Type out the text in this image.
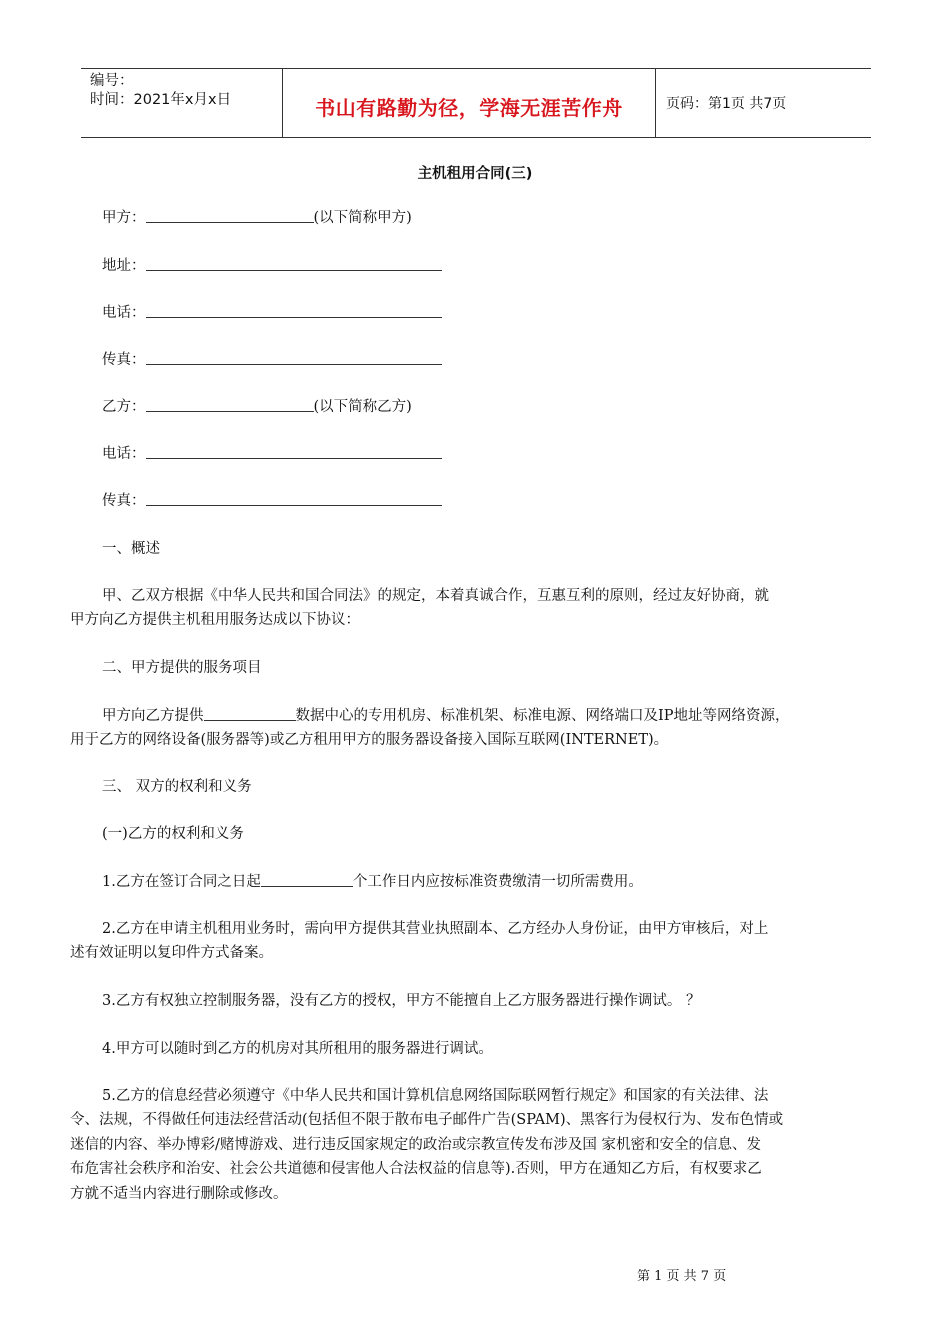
编号：
时间：2021年x月x日	书山有路勤为径，学海无涯苦作舟	页码：第1页 共7页
主机租用合同(三)
甲方：	(以下简称甲方)
地址：
电话：
传真：
乙方：	(以下简称乙方)
电话：
传真：
一、概述
甲、乙双方根据《中华人民共和国合同法》的规定，本着真诚合作，互惠互利的原则，经过友好协商，就
甲方向乙方提供主机租用服务达成以下协议：
二、甲方提供的服务项目
甲方向乙方提供	数据中心的专用机房、标准机架、标准电源、网络端口及IP地址等网络资源，
用于乙方的网络设备(服务器等)或乙方租用甲方的服务器设备接入国际互联网(INTERNET)。
三、 双方的权利和义务
(一)乙方的权利和义务
1.乙方在签订合同之日起	个工作日内应按标准资费缴清一切所需费用。
2.乙方在申请主机租用业务时，需向甲方提供其营业执照副本、乙方经办人身份证，由甲方审核后，对上
述有效证明以复印件方式备案。
3.乙方有权独立控制服务器，没有乙方的授权，甲方不能擅自上乙方服务器进行操作调试。 ？
4.甲方可以随时到乙方的机房对其所租用的服务器进行调试。
5.乙方的信息经营必须遵守《中华人民共和国计算机信息网络国际联网暂行规定》和国家的有关法律、法
令、法规，不得做任何违法经营活动(包括但不限于散布电子邮件广告(SPAM)、黑客行为侵权行为、发布色情或
迷信的内容、举办博彩/赌博游戏、进行违反国家规定的政治或宗教宣传发布涉及国 家机密和安全的信息、发
布危害社会秩序和治安、社会公共道德和侵害他人合法权益的信息等).否则，甲方在通知乙方后，有权要求乙
方就不适当内容进行删除或修改。
第 1 页 共 7 页
